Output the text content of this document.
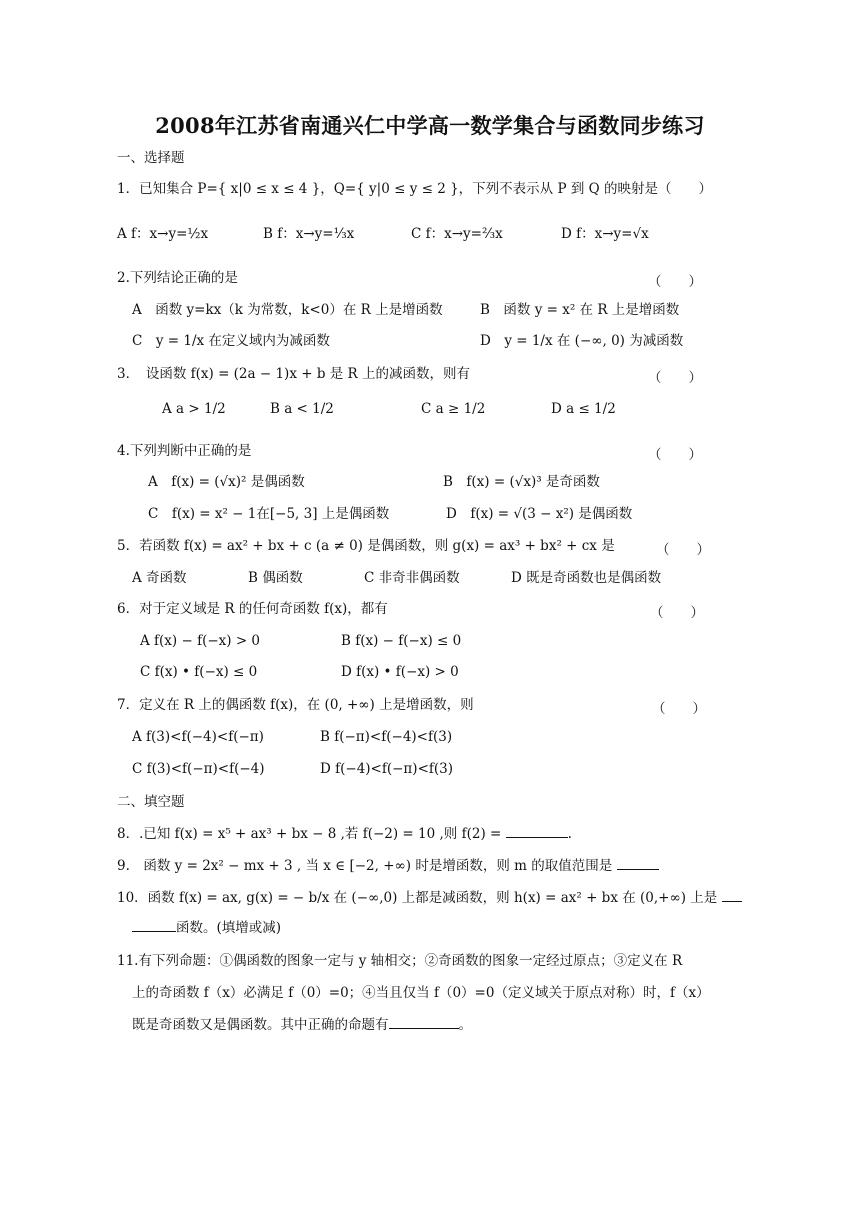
2008年江苏省南通兴仁中学高一数学集合与函数同步练习
一、选择题
1．已知集合 P={ x|0 ≤ x ≤ 4 }，Q={ y|0 ≤ y ≤ 2 }，下列不表示从 P 到 Q 的映射是（　　）
A f：x→y=½x	B f：x→y=⅓x	C f：x→y=⅔x	D f：x→y=√x
2.下列结论正确的是	（　　）
A　函数 y=kx（k 为常数，k<0）在 R 上是增函数	B　函数 y = x² 在 R 上是增函数
C　y = 1/x 在定义域内为减函数	D　y = 1/x 在 (−∞, 0) 为减函数
3．　设函数 f(x) = (2a − 1)x + b 是 R 上的减函数，则有	（　　）
A a > 1/2	B a < 1/2	C a ≥ 1/2	D a ≤ 1/2
4.下列判断中正确的是	（　　）
A　f(x) = (√x)² 是偶函数	B　f(x) = (√x)³ 是奇函数
C　f(x) = x² − 1在[−5, 3] 上是偶函数	D　f(x) = √(3 − x²) 是偶函数
5．若函数 f(x) = ax² + bx + c (a ≠ 0) 是偶函数，则 g(x) = ax³ + bx² + cx 是	（　　）
A 奇函数	B 偶函数	C 非奇非偶函数	D 既是奇函数也是偶函数
6．对于定义域是 R 的任何奇函数 f(x)，都有	（　　）
A f(x) − f(−x) > 0	B f(x) − f(−x) ≤ 0
C f(x) • f(−x) ≤ 0	D f(x) • f(−x) > 0
7．定义在 R 上的偶函数 f(x)，在 (0, +∞) 上是增函数，则	（　　）
A f(3)<f(−4)<f(−π)	B f(−π)<f(−4)<f(3)
C f(3)<f(−π)<f(−4)	D f(−4)<f(−π)<f(3)
二、填空题
8．.已知 f(x) = x⁵ + ax³ + bx − 8 ,若 f(−2) = 10 ,则 f(2) =	.
9.　函数 y = 2x² − mx + 3 , 当 x ∈ [−2, +∞) 时是增函数，则 m 的取值范围是
10．函数 f(x) = ax, g(x) = − b/x 在 (−∞,0) 上都是减函数，则 h(x) = ax² + bx 在 (0,+∞) 上是
函数。(填增或减)
11.有下列命题：①偶函数的图象一定与 y 轴相交；②奇函数的图象一定经过原点；③定义在 R
上的奇函数 f（x）必满足 f（0）=0；④当且仅当 f（0）=0（定义域关于原点对称）时，f（x）
既是奇函数又是偶函数。其中正确的命题有	。
